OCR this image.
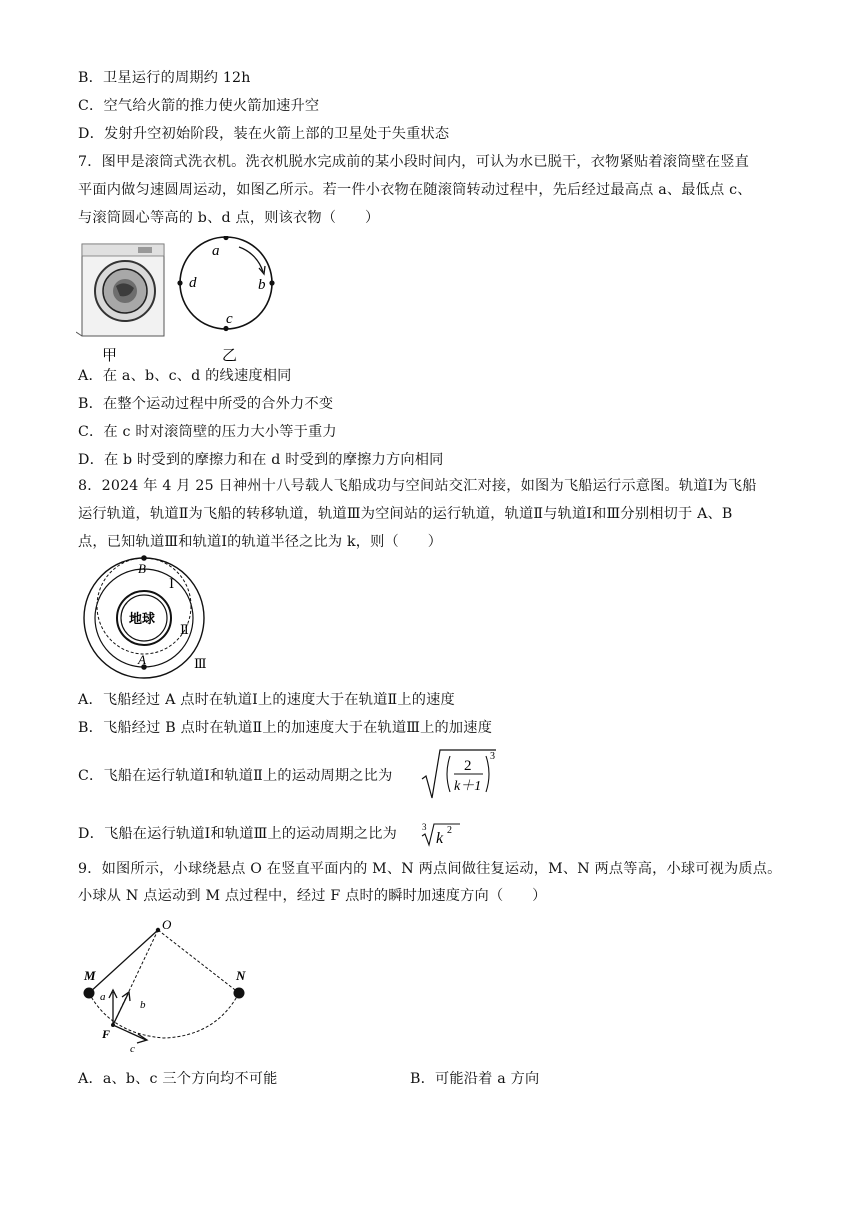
B．卫星运行的周期约 12h
C．空气给火箭的推力使火箭加速升空
D．发射升空初始阶段，装在火箭上部的卫星处于失重状态
7．图甲是滚筒式洗衣机。洗衣机脱水完成前的某小段时间内，可认为水已脱干，衣物紧贴着滚筒壁在竖直
平面内做匀速圆周运动，如图乙所示。若一件小衣物在随滚筒转动过程中，先后经过最高点 a、最低点 c、
与滚筒圆心等高的 b、d 点，则该衣物（　　）
甲
a
b
c
d
乙
A．在 a、b、c、d 的线速度相同
B．在整个运动过程中所受的合外力不变
C．在 c 时对滚筒壁的压力大小等于重力
D．在 b 时受到的摩擦力和在 d 时受到的摩擦力方向相同
8．2024 年 4 月 25 日神州十八号载人飞船成功与空间站交汇对接，如图为飞船运行示意图。轨道Ⅰ为飞船
运行轨道，轨道Ⅱ为飞船的转移轨道，轨道Ⅲ为空间站的运行轨道，轨道Ⅱ与轨道Ⅰ和Ⅲ分别相切于 A、B
点，已知轨道Ⅲ和轨道Ⅰ的轨道半径之比为 k，则（　　）
地球
B
A
Ⅰ
Ⅱ
Ⅲ
A．飞船经过 A 点时在轨道Ⅰ上的速度大于在轨道Ⅱ上的速度
B．飞船经过 B 点时在轨道Ⅱ上的加速度大于在轨道Ⅲ上的加速度
C．飞船在运行轨道Ⅰ和轨道Ⅱ上的运动周期之比为
2
k＋1
3
D．飞船在运行轨道Ⅰ和轨道Ⅲ上的运动周期之比为	3
k 2
9．如图所示，小球绕悬点 O 在竖直平面内的 M、N 两点间做往复运动，M、N 两点等高，小球可视为质点。
小球从 N 点运动到 M 点过程中，经过 F 点时的瞬时加速度方向（　　）
O
M	N
F
a
b
c
A．a、b、c 三个方向均不可能	B．可能沿着 a 方向
